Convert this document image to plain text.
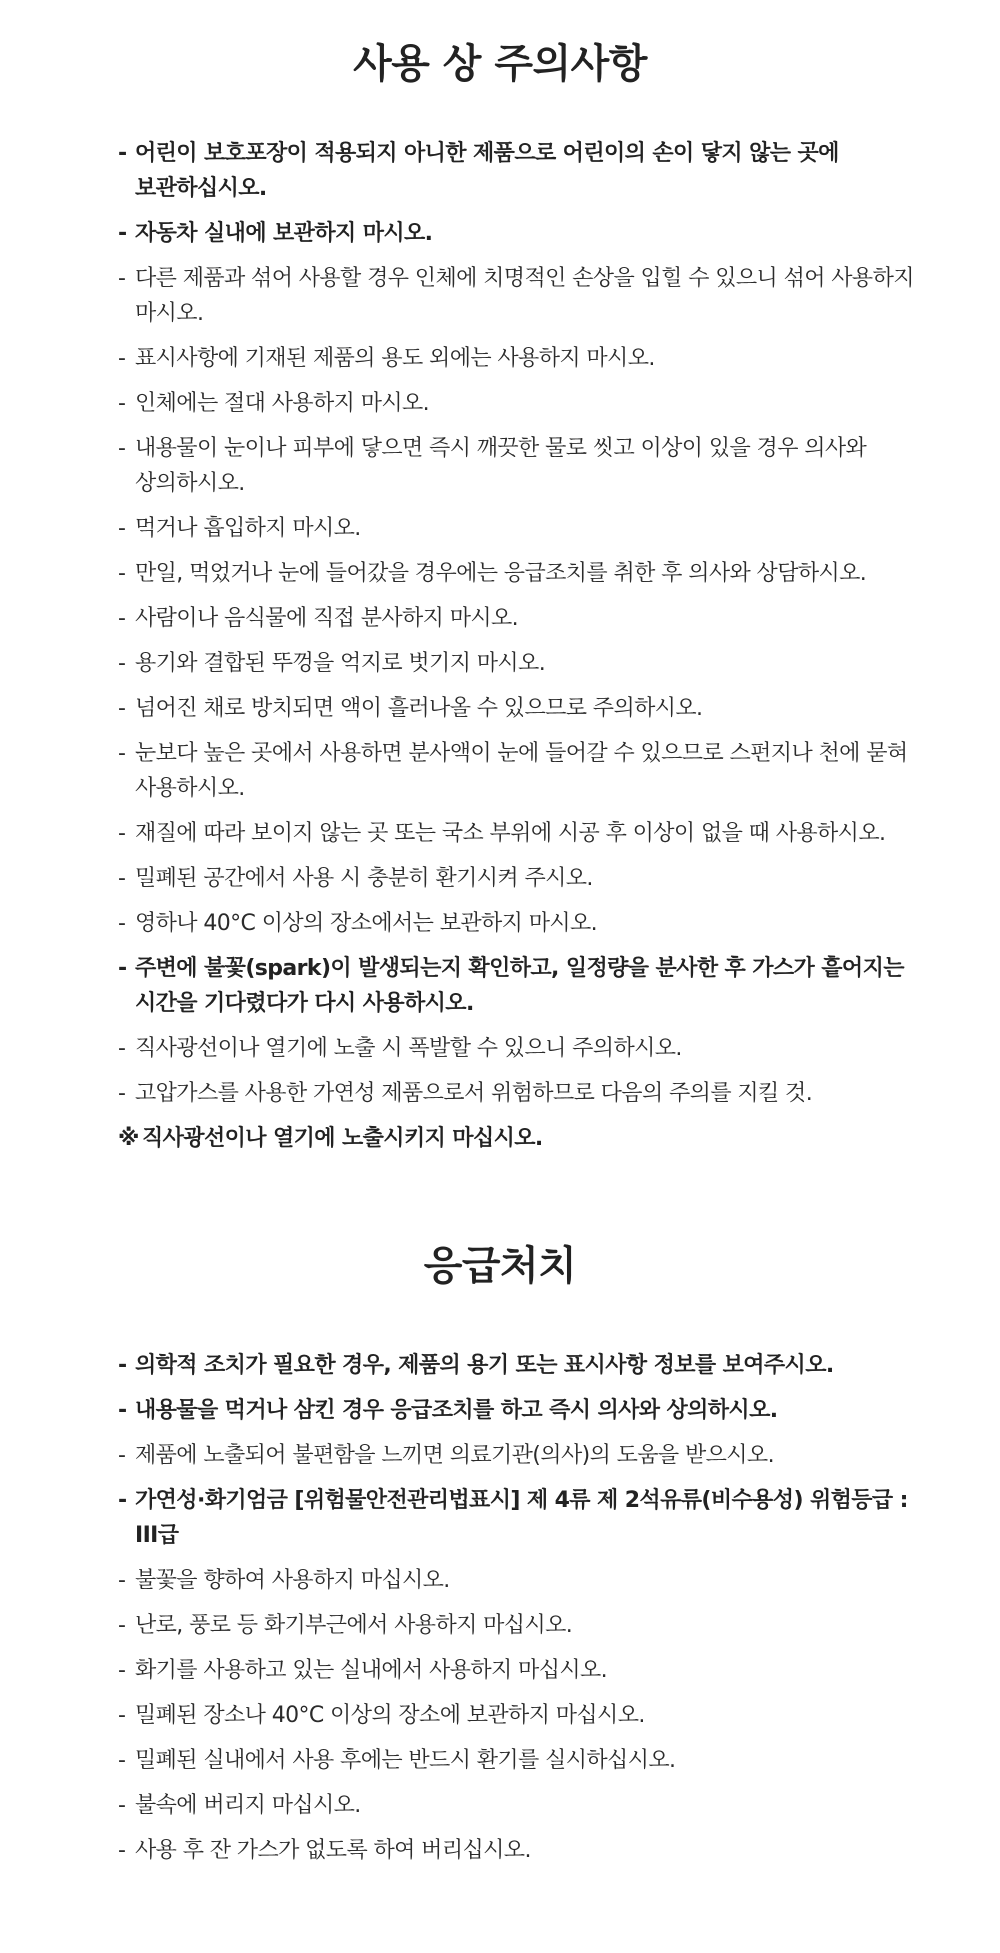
사용 상 주의사항
- 어린이 보호포장이 적용되지 아니한 제품으로 어린이의 손이 닿지 않는 곳에 보관하십시오.
- 자동차 실내에 보관하지 마시오.
- 다른 제품과 섞어 사용할 경우 인체에 치명적인 손상을 입힐 수 있으니 섞어 사용하지 마시오.
- 표시사항에 기재된 제품의 용도 외에는 사용하지 마시오.
- 인체에는 절대 사용하지 마시오.
- 내용물이 눈이나 피부에 닿으면 즉시 깨끗한 물로 씻고 이상이 있을 경우 의사와 상의하시오.
- 먹거나 흡입하지 마시오.
- 만일, 먹었거나 눈에 들어갔을 경우에는 응급조치를 취한 후 의사와 상담하시오.
- 사람이나 음식물에 직접 분사하지 마시오.
- 용기와 결합된 뚜껑을 억지로 벗기지 마시오.
- 넘어진 채로 방치되면 액이 흘러나올 수 있으므로 주의하시오.
- 눈보다 높은 곳에서 사용하면 분사액이 눈에 들어갈 수 있으므로 스펀지나 천에 묻혀 사용하시오.
- 재질에 따라 보이지 않는 곳 또는 국소 부위에 시공 후 이상이 없을 때 사용하시오.
- 밀폐된 공간에서 사용 시 충분히 환기시켜 주시오.
- 영하나 40°C 이상의 장소에서는 보관하지 마시오.
- 주변에 불꽃(spark)이 발생되는지 확인하고, 일정량을 분사한 후 가스가 흩어지는 시간을 기다렸다가 다시 사용하시오.
- 직사광선이나 열기에 노출 시 폭발할 수 있으니 주의하시오.
- 고압가스를 사용한 가연성 제품으로서 위험하므로 다음의 주의를 지킬 것.
※ 직사광선이나 열기에 노출시키지 마십시오.
응급처치
- 의학적 조치가 필요한 경우, 제품의 용기 또는 표시사항 정보를 보여주시오.
- 내용물을 먹거나 삼킨 경우 응급조치를 하고 즉시 의사와 상의하시오.
- 제품에 노출되어 불편함을 느끼면 의료기관(의사)의 도움을 받으시오.
- 가연성·화기엄금 [위험물안전관리법표시] 제 4류 제 2석유류(비수용성) 위험등급 : III급
- 불꽃을 향하여 사용하지 마십시오.
- 난로, 풍로 등 화기부근에서 사용하지 마십시오.
- 화기를 사용하고 있는 실내에서 사용하지 마십시오.
- 밀폐된 장소나 40°C 이상의 장소에 보관하지 마십시오.
- 밀폐된 실내에서 사용 후에는 반드시 환기를 실시하십시오.
- 불속에 버리지 마십시오.
- 사용 후 잔 가스가 없도록 하여 버리십시오.
